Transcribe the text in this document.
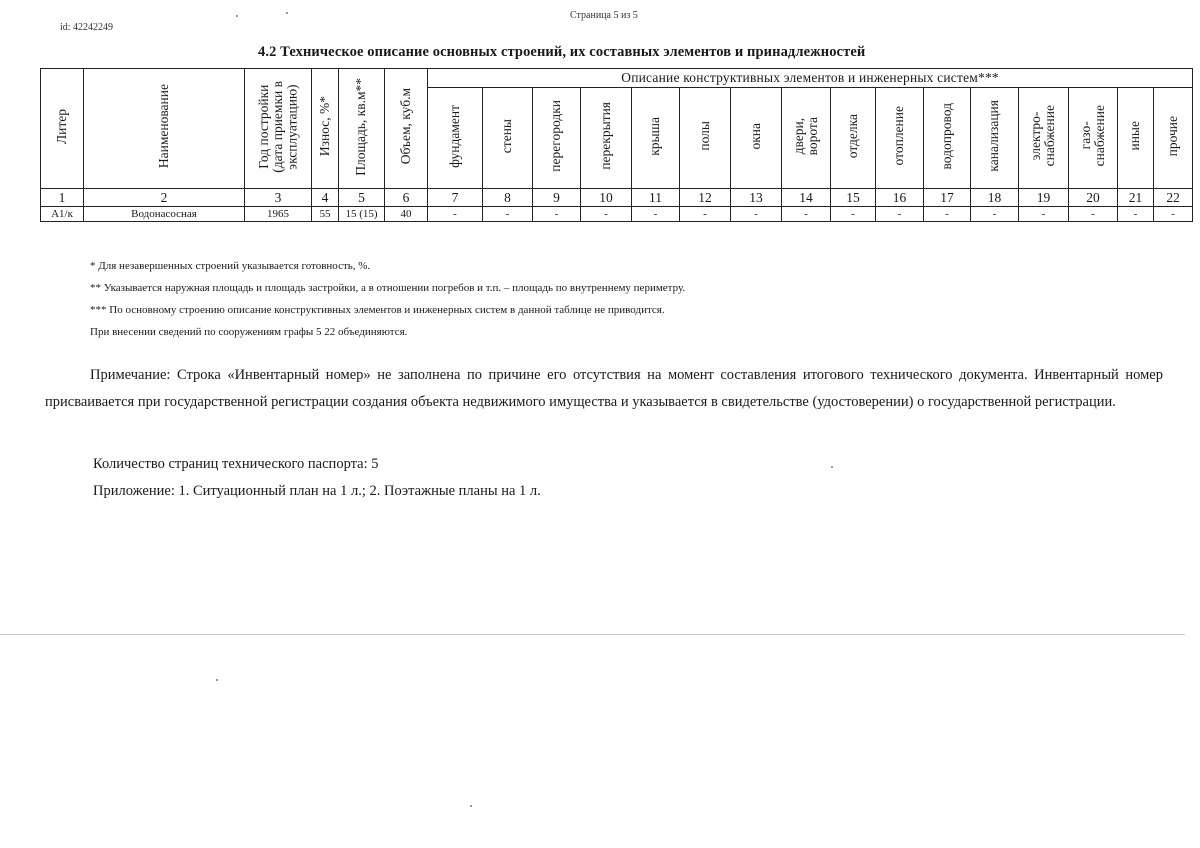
id: 42242249
Страница 5 из 5
4.2 Техническое описание основных строений, их составных элементов и принадлежностей
Литер	Наименование	Год постройки
(дата приемки в
эксплуатацию)	Износ, %*	Площадь, кв.м**	Объем, куб.м	Описание конструктивных элементов и инженерных систем***															
						фундамент	стены	перегородки	перекрытия	крыша	полы	окна	двери,
ворота	отделка	отопление	водопровод	канализация	электро-
снабжение	газо-
снабжение	иные	прочие
1	2	3	4	5	6	7	8	9	10	11	12	13	14	15	16	17	18	19	20	21	22
А1/к	Водонасосная	1965	55	15 (15)	40	-	-	-	-	-	-	-	-	-	-	-	-	-	-	-	-
* Для незавершенных строений указывается готовность, %.
** Указывается наружная площадь и площадь застройки, а в отношении погребов и т.п. – площадь по внутреннему периметру.
*** По основному строению описание конструктивных элементов и инженерных систем в данной таблице не приводится.
При внесении сведений по сооружениям графы 5 22 объединяются.
Примечание: Строка «Инвентарный номер» не заполнена по причине его отсутствия на момент составления итогового технического документа. Инвентарный номер присваивается при государственной регистрации создания объекта недвижимого имущества и указывается в свидетельстве (удостоверении) о государственной регистрации.
Количество страниц технического паспорта: 5
Приложение: 1. Ситуационный план на 1 л.; 2. Поэтажные планы на 1 л.
